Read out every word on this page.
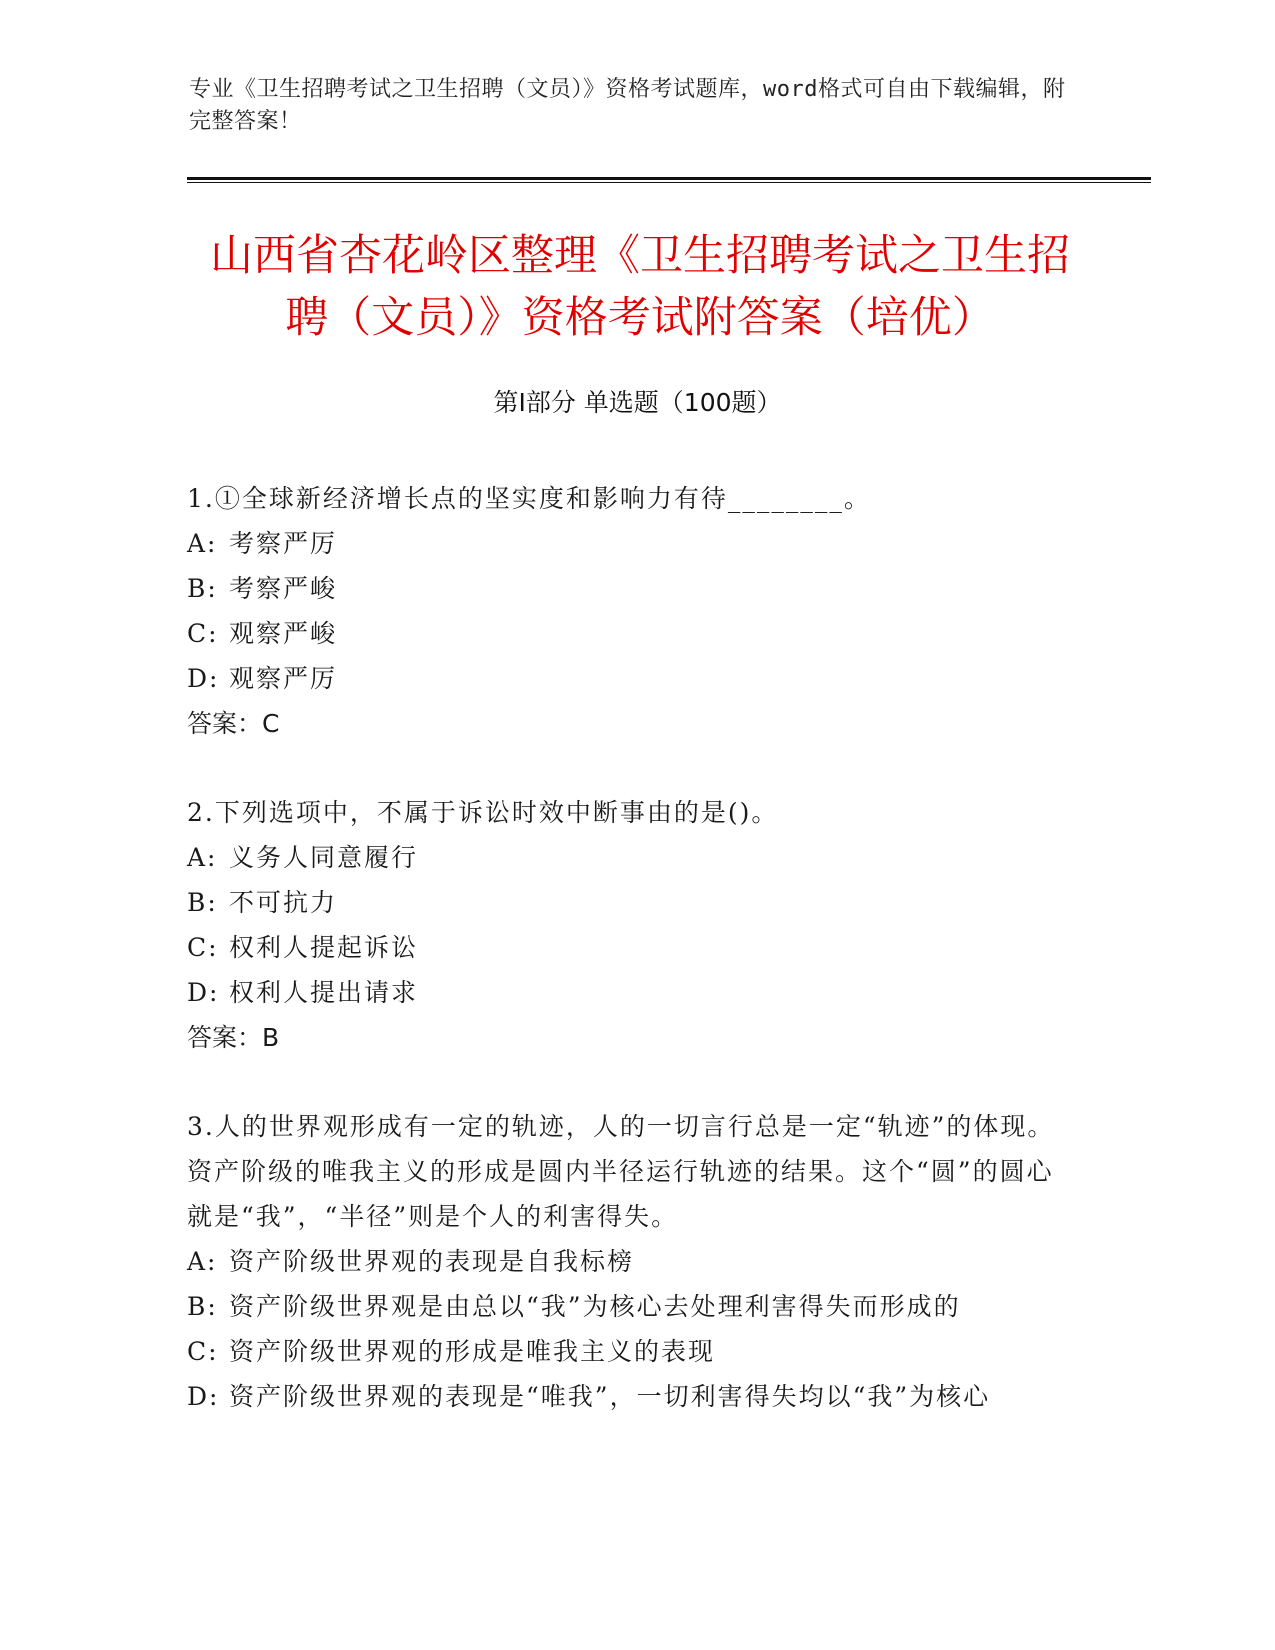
专业《卫生招聘考试之卫生招聘（文员）》资格考试题库，word格式可自由下载编辑，附完整答案！
山西省杏花岭区整理《卫生招聘考试之卫生招聘（文员）》资格考试附答案（培优）
第Ⅰ部分 单选题（100题）
1.①全球新经济增长点的坚实度和影响力有待________。
A: 考察严厉
B: 考察严峻
C: 观察严峻
D: 观察严厉
答案：C
2.下列选项中，不属于诉讼时效中断事由的是()。
A: 义务人同意履行
B: 不可抗力
C: 权利人提起诉讼
D: 权利人提出请求
答案：B
3.人的世界观形成有一定的轨迹，人的一切言行总是一定“轨迹”的体现。资产阶级的唯我主义的形成是圆内半径运行轨迹的结果。这个“圆”的圆心就是“我”，“半径”则是个人的利害得失。
A: 资产阶级世界观的表现是自我标榜
B: 资产阶级世界观是由总以“我”为核心去处理利害得失而形成的
C: 资产阶级世界观的形成是唯我主义的表现
D: 资产阶级世界观的表现是“唯我”，一切利害得失均以“我”为核心
